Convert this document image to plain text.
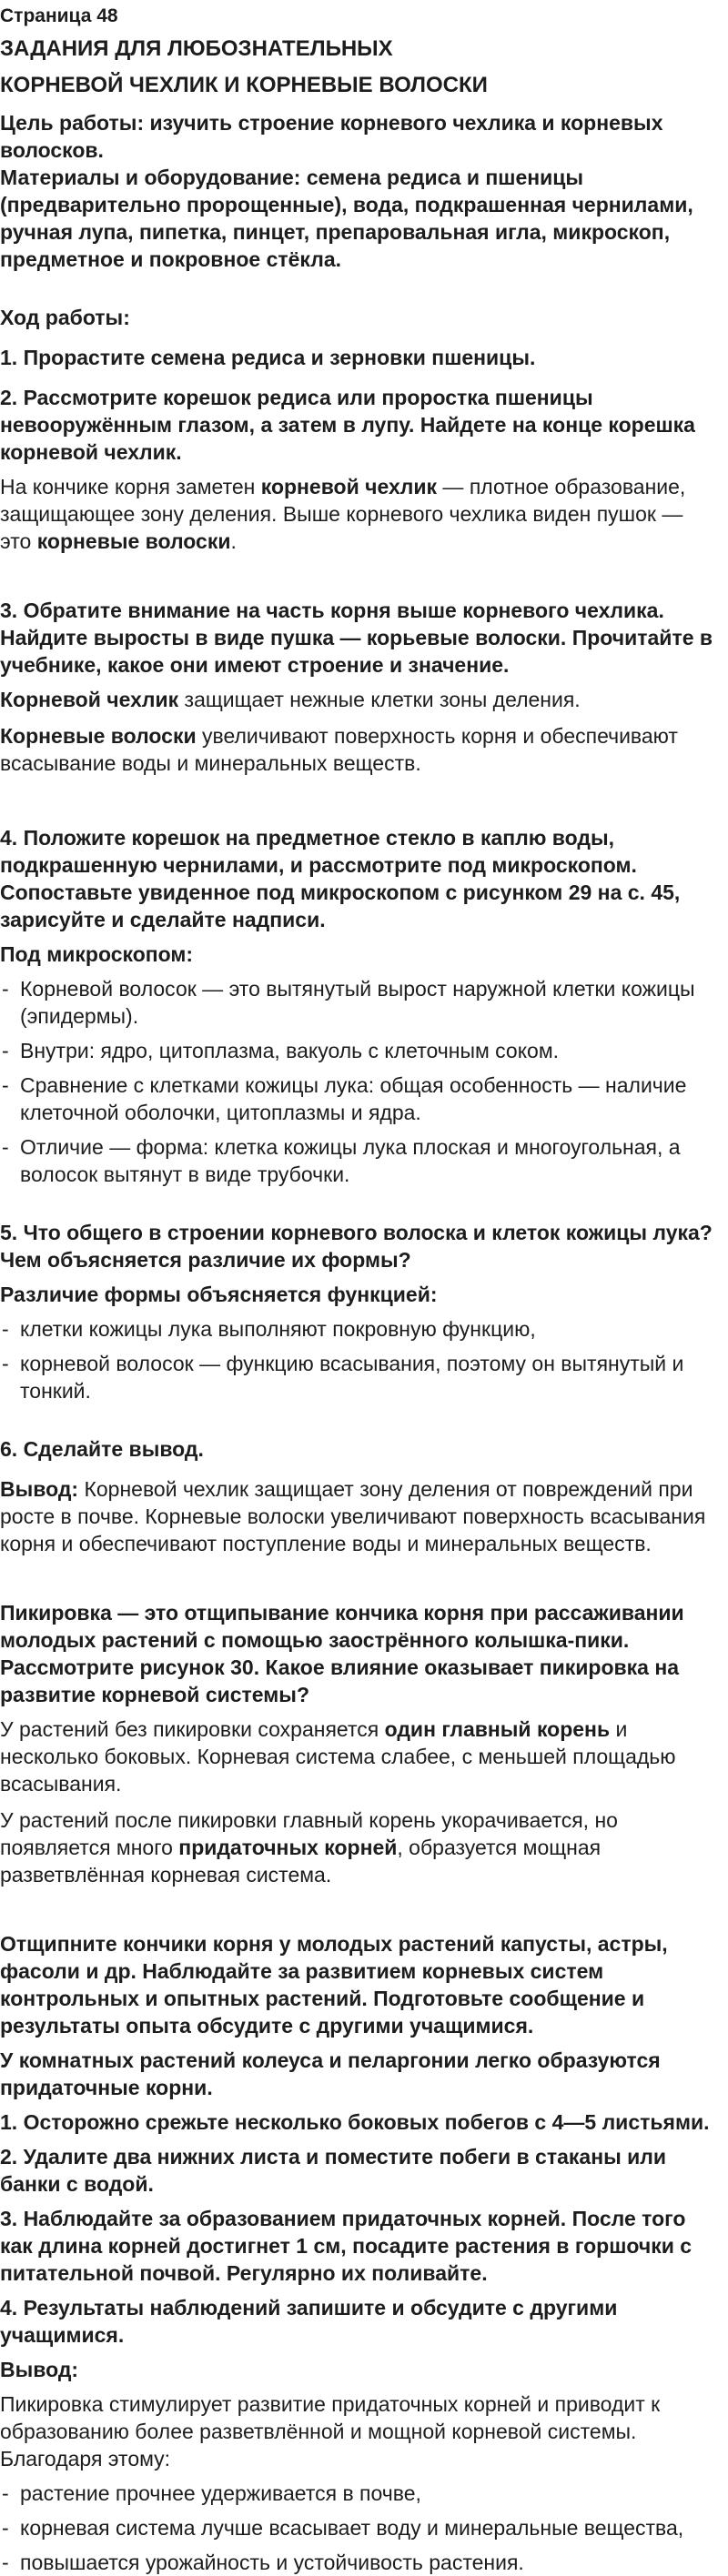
Страница 48

ЗАДАНИЯ ДЛЯ ЛЮБОЗНАТЕЛЬНЫХ

КОРНЕВОЙ ЧЕХЛИК И КОРНЕВЫЕ ВОЛОСКИ

Цель работы: изучить строение корневого чехлика и корневых волосков.

Материалы и оборудование: семена редиса и пшеницы (предварительно пророщенные), вода, подкрашенная чернилами, ручная лупа, пипетка, пинцет, препаровальная игла, микроскоп, предметное и покровное стёкла.

Ход работы:

1. Прорастите семена редиса и зерновки пшеницы.

2. Рассмотрите корешок редиса или проростка пшеницы невооружённым глазом, а затем в лупу. Найдете на конце корешка корневой чехлик.

На кончике корня заметен корневой чехлик — плотное образование, защищающее зону деления. Выше корневого чехлика виден пушок — это корневые волоски.

3. Обратите внимание на часть корня выше корневого чехлика. Найдите выросты в виде пушка — корьевые волоски. Прочитайте в учебнике, какое они имеют строение и значение.

Корневой чехлик защищает нежные клетки зоны деления.

Корневые волоски увеличивают поверхность корня и обеспечивают всасывание воды и минеральных веществ.

4. Положите корешок на предметное стекло в каплю воды, подкрашенную чернилами, и рассмотрите под микроскопом. Сопоставьте увиденное под микроскопом с рисунком 29 на с. 45, зарисуйте и сделайте надписи.

Под микроскопом:

- Корневой волосок — это вытянутый вырост наружной клетки кожицы (эпидермы).
- Внутри: ядро, цитоплазма, вакуоль с клеточным соком.
- Сравнение с клетками кожицы лука: общая особенность — наличие клеточной оболочки, цитоплазмы и ядра.
- Отличие — форма: клетка кожицы лука плоская и многоугольная, а волосок вытянут в виде трубочки.

5. Что общего в строении корневого волоска и клеток кожицы лука? Чем объясняется различие их формы?

Различие формы объясняется функцией:

- клетки кожицы лука выполняют покровную функцию,
- корневой волосок — функцию всасывания, поэтому он вытянутый и тонкий.

6. Сделайте вывод.

Вывод: Корневой чехлик защищает зону деления от повреждений при росте в почве. Корневые волоски увеличивают поверхность всасывания корня и обеспечивают поступление воды и минеральных веществ.

Пикировка — это отщипывание кончика корня при рассаживании молодых растений с помощью заострённого колышка-пики. Рассмотрите рисунок 30. Какое влияние оказывает пикировка на развитие корневой системы?

У растений без пикировки сохраняется один главный корень и несколько боковых. Корневая система слабее, с меньшей площадью всасывания.

У растений после пикировки главный корень укорачивается, но появляется много придаточных корней, образуется мощная разветвлённая корневая система.

Отщипните кончики корня у молодых растений капусты, астры, фасоли и др. Наблюдайте за развитием корневых систем контрольных и опытных растений. Подготовьте сообщение и результаты опыта обсудите с другими учащимися.

У комнатных растений колеуса и пеларгонии легко образуются придаточные корни.

1. Осторожно срежьте несколько боковых побегов с 4—5 листьями.

2. Удалите два нижних листа и поместите побеги в стаканы или банки с водой.

3. Наблюдайте за образованием придаточных корней. После того как длина корней достигнет 1 см, посадите растения в горшочки с питательной почвой. Регулярно их поливайте.

4. Результаты наблюдений запишите и обсудите с другими учащимися.

Вывод:

Пикировка стимулирует развитие придаточных корней и приводит к образованию более разветвлённой и мощной корневой системы. Благодаря этому:

- растение прочнее удерживается в почве,
- корневая система лучше всасывает воду и минеральные вещества,
- повышается урожайность и устойчивость растения.
